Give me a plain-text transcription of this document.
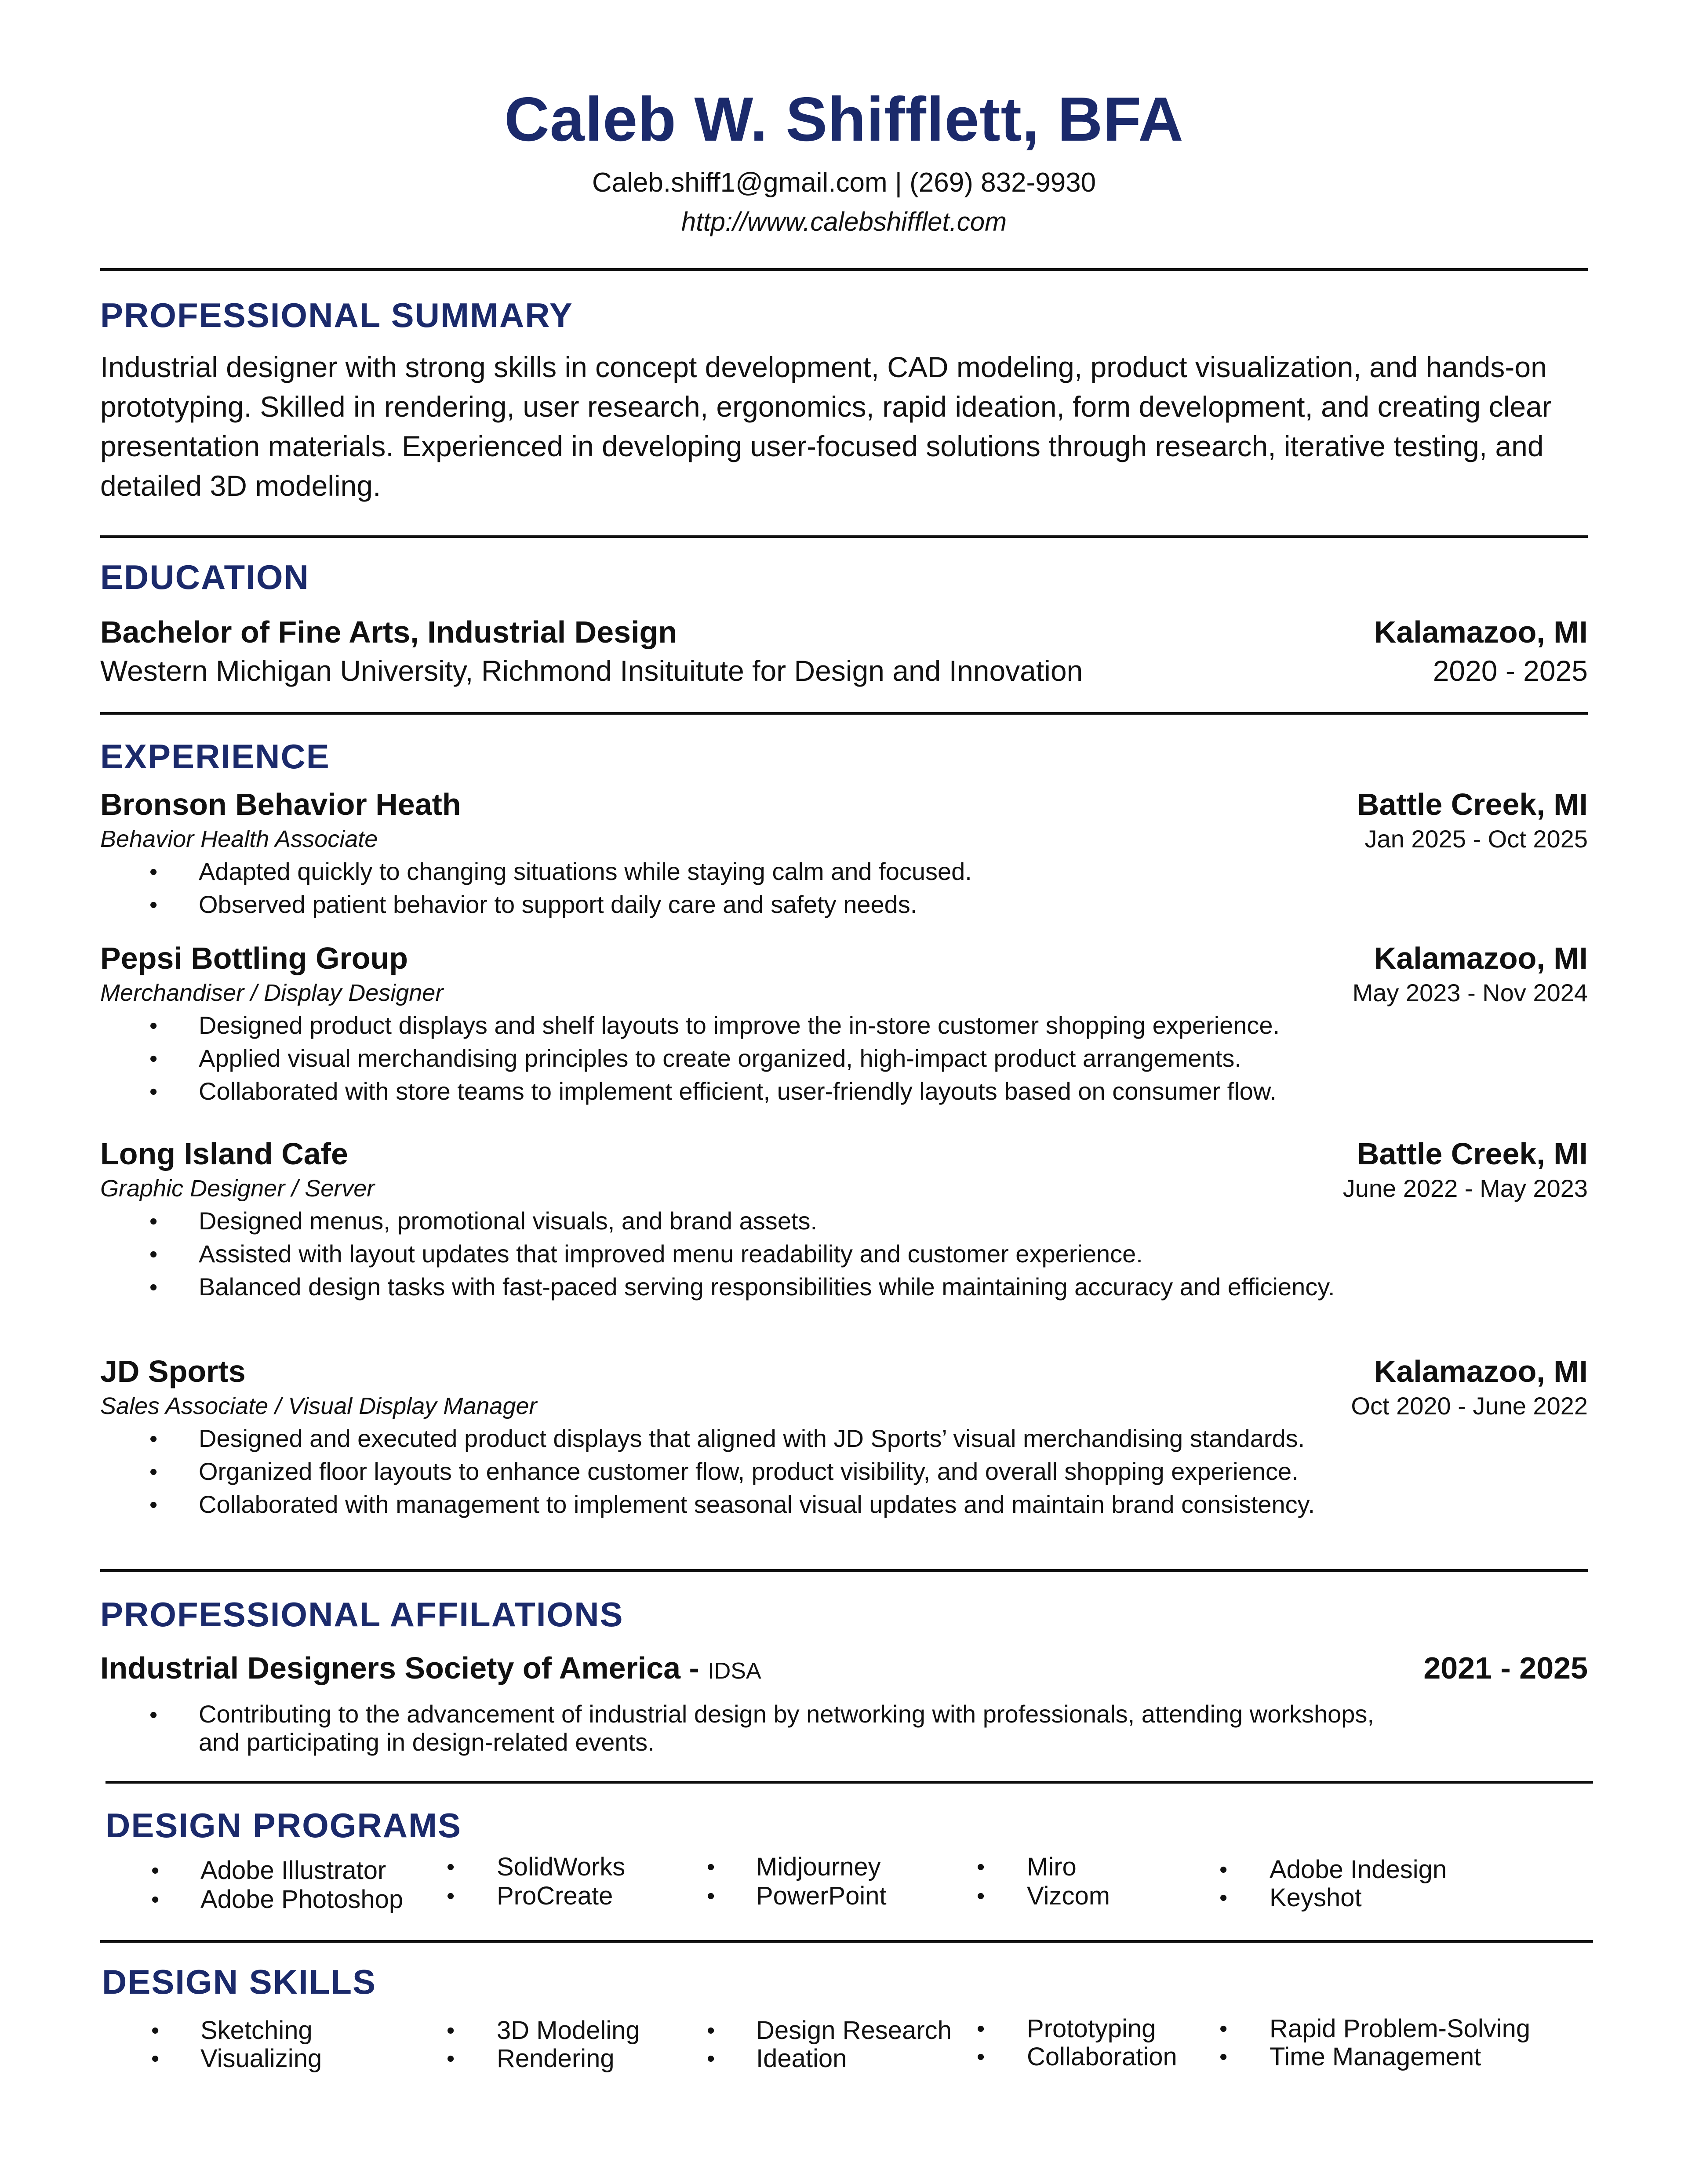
Caleb W. Shifflett, BFA
Caleb.shiff1@gmail.com | (269) 832-9930
http://www.calebshifflet.com
PROFESSIONAL SUMMARY
Industrial designer with strong skills in concept development, CAD modeling, product visualization, and hands-on prototyping. Skilled in rendering, user research, ergonomics, rapid ideation, form development, and creating clear presentation materials. Experienced in developing user-focused solutions through research, iterative testing, and detailed 3D modeling.
EDUCATION
Bachelor of Fine Arts, Industrial Design	Kalamazoo, MI
Western Michigan University, Richmond Insituitute for Design and Innovation	2020 - 2025
EXPERIENCE
Bronson Behavior Heath	Battle Creek, MI
Behavior Health Associate	Jan 2025 - Oct 2025
• Adapted quickly to changing situations while staying calm and focused.
• Observed patient behavior to support daily care and safety needs.
Pepsi Bottling Group	Kalamazoo, MI
Merchandiser / Display Designer	May 2023 - Nov 2024
• Designed product displays and shelf layouts to improve the in-store customer shopping experience.
• Applied visual merchandising principles to create organized, high-impact product arrangements.
• Collaborated with store teams to implement efficient, user-friendly layouts based on consumer flow.
Long Island Cafe	Battle Creek, MI
Graphic Designer / Server	June 2022 - May 2023
• Designed menus, promotional visuals, and brand assets.
• Assisted with layout updates that improved menu readability and customer experience.
• Balanced design tasks with fast-paced serving responsibilities while maintaining accuracy and efficiency.
JD Sports	Kalamazoo, MI
Sales Associate / Visual Display Manager	Oct 2020 - June 2022
• Designed and executed product displays that aligned with JD Sports’ visual merchandising standards.
• Organized floor layouts to enhance customer flow, product visibility, and overall shopping experience.
• Collaborated with management to implement seasonal visual updates and maintain brand consistency.
PROFESSIONAL AFFILATIONS
Industrial Designers Society of America - IDSA	2021 - 2025
• Contributing to the advancement of industrial design by networking with professionals, attending workshops, and participating in design-related events.
DESIGN PROGRAMS
• Adobe Illustrator
• Adobe Photoshop
• SolidWorks
• ProCreate
• Midjourney
• PowerPoint
• Miro
• Vizcom
• Adobe Indesign
• Keyshot
DESIGN SKILLS
• Sketching
• Visualizing
• 3D Modeling
• Rendering
• Design Research
• Ideation
• Prototyping
• Collaboration
• Rapid Problem-Solving
• Time Management
